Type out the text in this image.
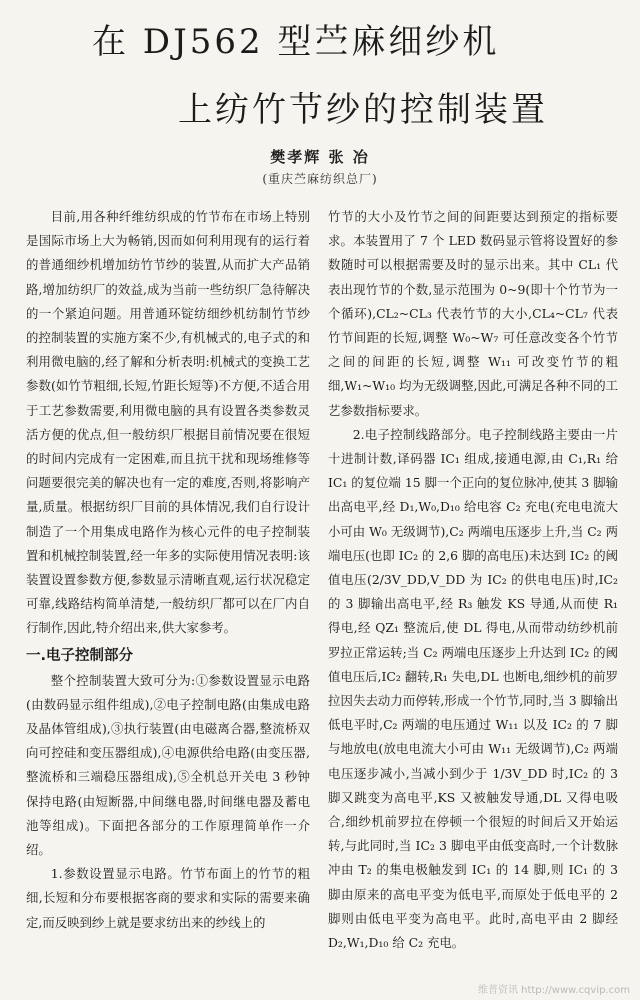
在 DJ562 型苎麻细纱机
上纺竹节纱的控制装置
樊孝辉 张 冶
(重庆苎麻纺织总厂)

目前,用各种纤维纺织成的竹节布在市场上特别是国际市场上大为畅销,因而如何利用现有的运行着的普通细纱机增加纺竹节纱的装置,从而扩大产品销路,增加纺织厂的效益,成为当前一些纺织厂急待解决的一个紧迫问题。用普通环锭纺细纱机纺制竹节纱的控制装置的实施方案不少,有机械式的,电子式的和利用微电脑的,经了解和分析表明:机械式的变换工艺参数(如竹节粗细,长短,竹距长短等)不方便,不适合用于工艺参数需要,利用微电脑的具有设置各类参数灵活方便的优点,但一般纺织厂根据目前情况要在很短的时间内完成有一定困难,而且抗干扰和现场维修等问题要很完美的解决也有一定的难度,否则,将影响产量,质量。根据纺织厂目前的具体情况,我们自行设计制造了一个用集成电路作为核心元件的电子控制装置和机械控制装置,经一年多的实际使用情况表明:该装置设置参数方便,参数显示清晰直观,运行状况稳定可靠,线路结构简单清楚,一般纺织厂都可以在厂内自行制作,因此,特介绍出来,供大家参考。

一.电子控制部分

整个控制装置大致可分为:①参数设置显示电路(由数码显示组件组成),②电子控制电路(由集成电路及晶体管组成),③执行装置(由电磁离合器,整流桥双向可控硅和变压器组成),④电源供给电路(由变压器,整流桥和三端稳压器组成),⑤全机总开关电 3 秒钟保持电路(由短断器,中间继电器,时间继电器及蓄电池等组成)。下面把各部分的工作原理简单作一介绍。

1.参数设置显示电路。竹节布面上的竹节的粗细,长短和分布要根据客商的要求和实际的需要来确定,而反映到纱上就是要求纺出来的纱线上的

竹节的大小及竹节之间的间距要达到预定的指标要求。本装置用了 7 个 LED 数码显示管将设置好的参数随时可以根据需要及时的显示出来。其中 CL₁ 代表出现竹节的个数,显示范围为 0~9(即十个竹节为一个循环),CL₂~CL₃ 代表竹节的大小,CL₄~CL₇ 代表竹节间距的长短,调整 W₀~W₇ 可任意改变各个竹节之间的间距的长短,调整 W₁₁ 可改变竹节的粗细,W₁~W₁₀ 均为无级调整,因此,可满足各种不同的工艺参数指标要求。

2.电子控制线路部分。电子控制线路主要由一片十进制计数,译码器 IC₁ 组成,接通电源,由 C₁,R₁ 给 IC₁ 的复位端 15 脚一个正向的复位脉冲,使其 3 脚输出高电平,经 D₁,W₀,D₁₀ 给电容 C₂ 充电(充电电流大小可由 W₀ 无级调节),C₂ 两端电压逐步上升,当 C₂ 两端电压(也即 IC₂ 的 2,6 脚的高电压)未达到 IC₂ 的阈值电压(2/3V_DD,V_DD 为 IC₂ 的供电电压)时,IC₂ 的 3 脚输出高电平,经 R₃ 触发 KS 导通,从而使 R₁ 得电,经 QZ₁ 整流后,使 DL 得电,从而带动纺纱机前罗拉正常运转;当 C₂ 两端电压逐步上升达到 IC₂ 的阈值电压后,IC₂ 翻转,R₁ 失电,DL 也断电,细纱机的前罗拉因失去动力而停转,形成一个竹节,同时,当 3 脚输出低电平时,C₂ 两端的电压通过 W₁₁ 以及 IC₂ 的 7 脚与地放电(放电电流大小可由 W₁₁ 无级调节),C₂ 两端电压逐步减小,当减小到少于 1/3V_DD 时,IC₂ 的 3 脚又跳变为高电平,KS 又被触发导通,DL 又得电吸合,细纱机前罗拉在停顿一个很短的时间后又开始运转,与此同时,当 IC₂ 3 脚电平由低变高时,一个计数脉冲由 T₂ 的集电极触发到 IC₁ 的 14 脚,则 IC₁ 的 3 脚由原来的高电平变为低电平,而原处于低电平的 2 脚则由低电平变为高电平。此时,高电平由 2 脚经 D₂,W₁,D₁₀ 给 C₂ 充电。

维普资讯 http://www.cqvip.com
